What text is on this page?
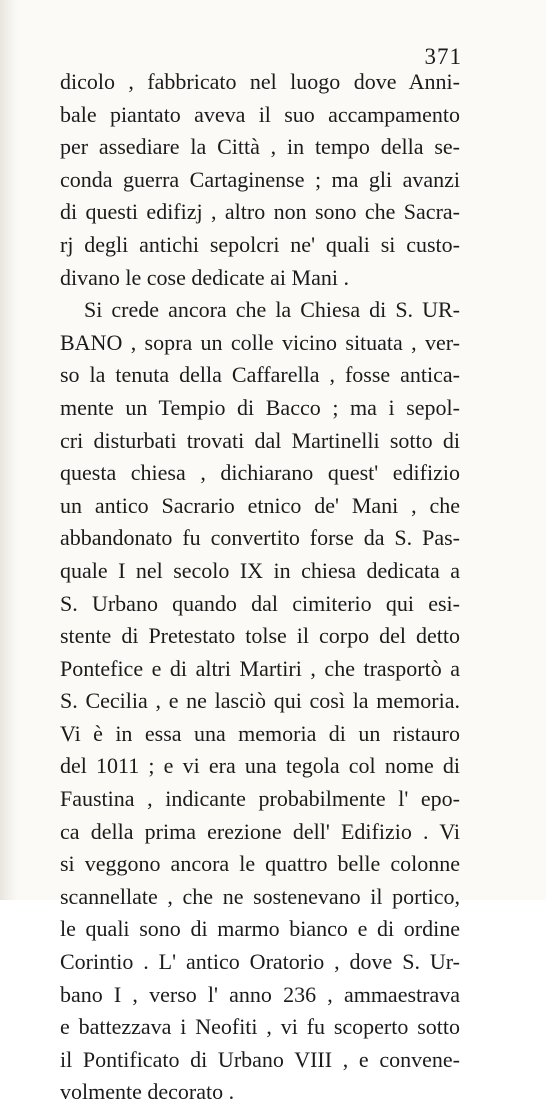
371
dicolo , fabbricato nel luogo dove Anni-
bale piantato aveva il suo accampamento
per assediare la Città , in tempo della se-
conda guerra Cartaginense ; ma gli avanzi
di questi edifizj , altro non sono che Sacra-
rj degli antichi sepolcri ne' quali si custo-
divano le cose dedicate ai Mani .
Si crede ancora che la Chiesa di S. UR-
BANO , sopra un colle vicino situata , ver-
so la tenuta della Caffarella , fosse antica-
mente un Tempio di Bacco ; ma i sepol-
cri disturbati trovati dal Martinelli sotto di
questa chiesa , dichiarano quest' edifizio
un antico Sacrario etnico de' Mani , che
abbandonato fu convertito forse da S. Pas-
quale I nel secolo IX in chiesa dedicata a
S. Urbano quando dal cimiterio qui esi-
stente di Pretestato tolse il corpo del detto
Pontefice e di altri Martiri , che trasportò a
S. Cecilia , e ne lasciò qui così la memoria.
Vi è in essa una memoria di un ristauro
del 1011 ; e vi era una tegola col nome di
Faustina , indicante probabilmente l' epo-
ca della prima erezione dell' Edifizio . Vi
si veggono ancora le quattro belle colonne
scannellate , che ne sostenevano il portico,
le quali sono di marmo bianco e di ordine
Corintio . L' antico Oratorio , dove S. Ur-
bano I , verso l' anno 236 , ammaestrava
e battezzava i Neofiti , vi fu scoperto sotto
il Pontificato di Urbano VIII , e convene-
volmente decorato .
